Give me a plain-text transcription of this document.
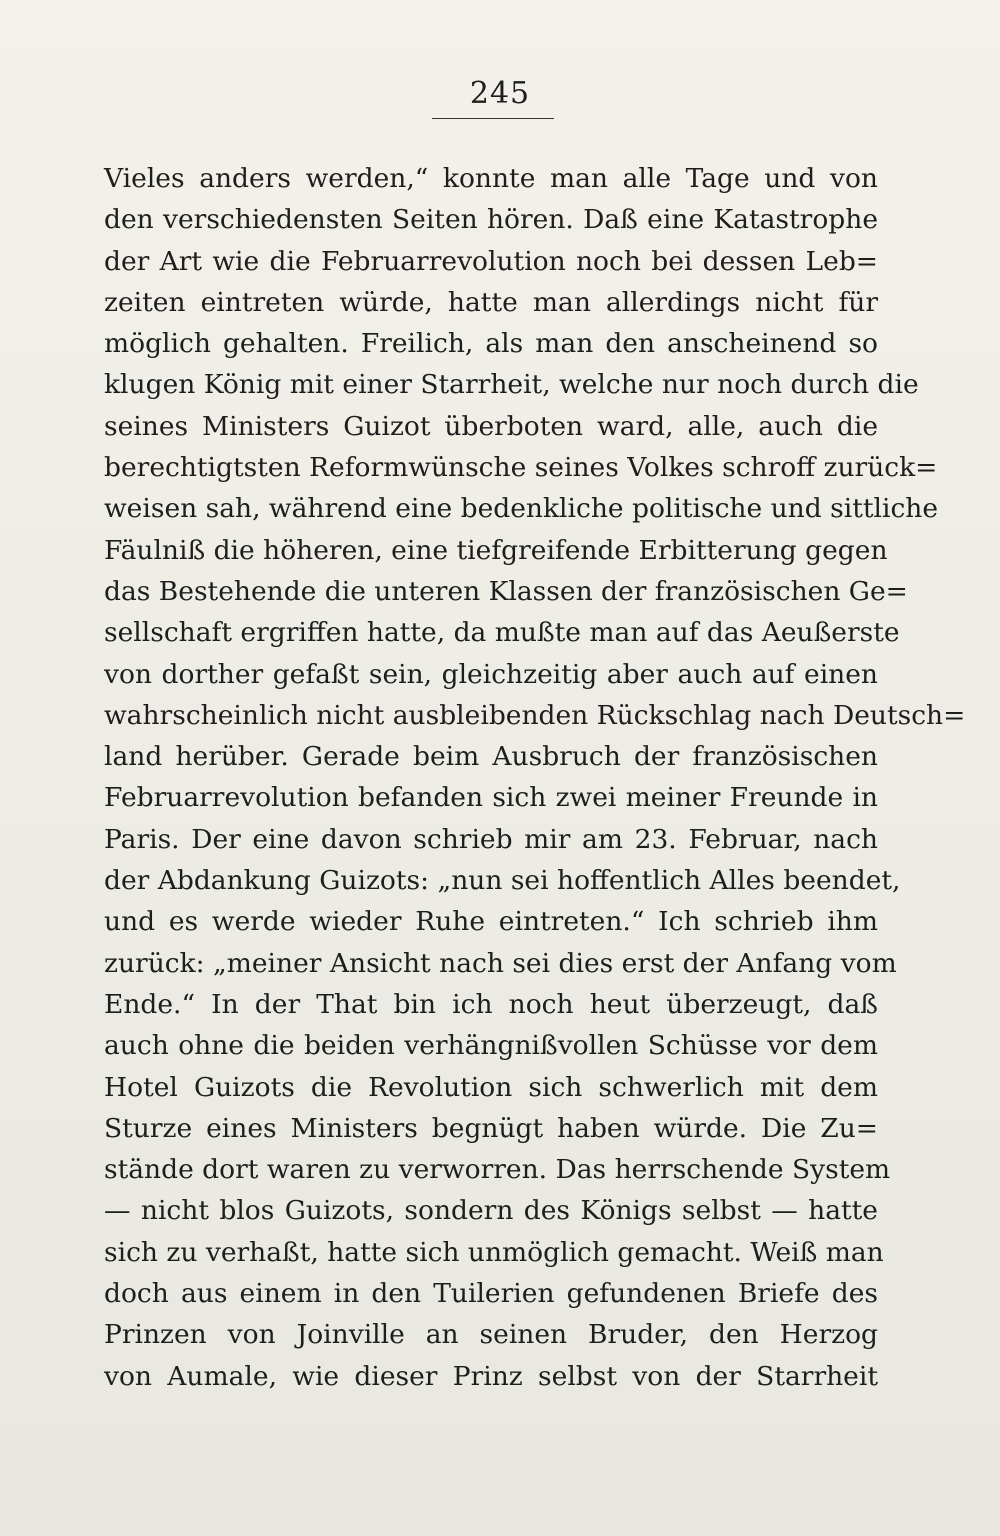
245
Vieles anders werden,“ konnte man alle Tage und von
den verschiedensten Seiten hören. Daß eine Katastrophe
der Art wie die Februarrevolution noch bei dessen Leb=
zeiten eintreten würde, hatte man allerdings nicht für
möglich gehalten. Freilich, als man den anscheinend so
klugen König mit einer Starrheit, welche nur noch durch die
seines Ministers Guizot überboten ward, alle, auch die
berechtigtsten Reformwünsche seines Volkes schroff zurück=
weisen sah, während eine bedenkliche politische und sittliche
Fäulniß die höheren, eine tiefgreifende Erbitterung gegen
das Bestehende die unteren Klassen der französischen Ge=
sellschaft ergriffen hatte, da mußte man auf das Aeußerste
von dorther gefaßt sein, gleichzeitig aber auch auf einen
wahrscheinlich nicht ausbleibenden Rückschlag nach Deutsch=
land herüber. Gerade beim Ausbruch der französischen
Februarrevolution befanden sich zwei meiner Freunde in
Paris. Der eine davon schrieb mir am 23. Februar, nach
der Abdankung Guizots: „nun sei hoffentlich Alles beendet,
und es werde wieder Ruhe eintreten.“ Ich schrieb ihm
zurück: „meiner Ansicht nach sei dies erst der Anfang vom
Ende.“ In der That bin ich noch heut überzeugt, daß
auch ohne die beiden verhängnißvollen Schüsse vor dem
Hotel Guizots die Revolution sich schwerlich mit dem
Sturze eines Ministers begnügt haben würde. Die Zu=
stände dort waren zu verworren. Das herrschende System
— nicht blos Guizots, sondern des Königs selbst — hatte
sich zu verhaßt, hatte sich unmöglich gemacht. Weiß man
doch aus einem in den Tuilerien gefundenen Briefe des
Prinzen von Joinville an seinen Bruder, den Herzog
von Aumale, wie dieser Prinz selbst von der Starrheit
